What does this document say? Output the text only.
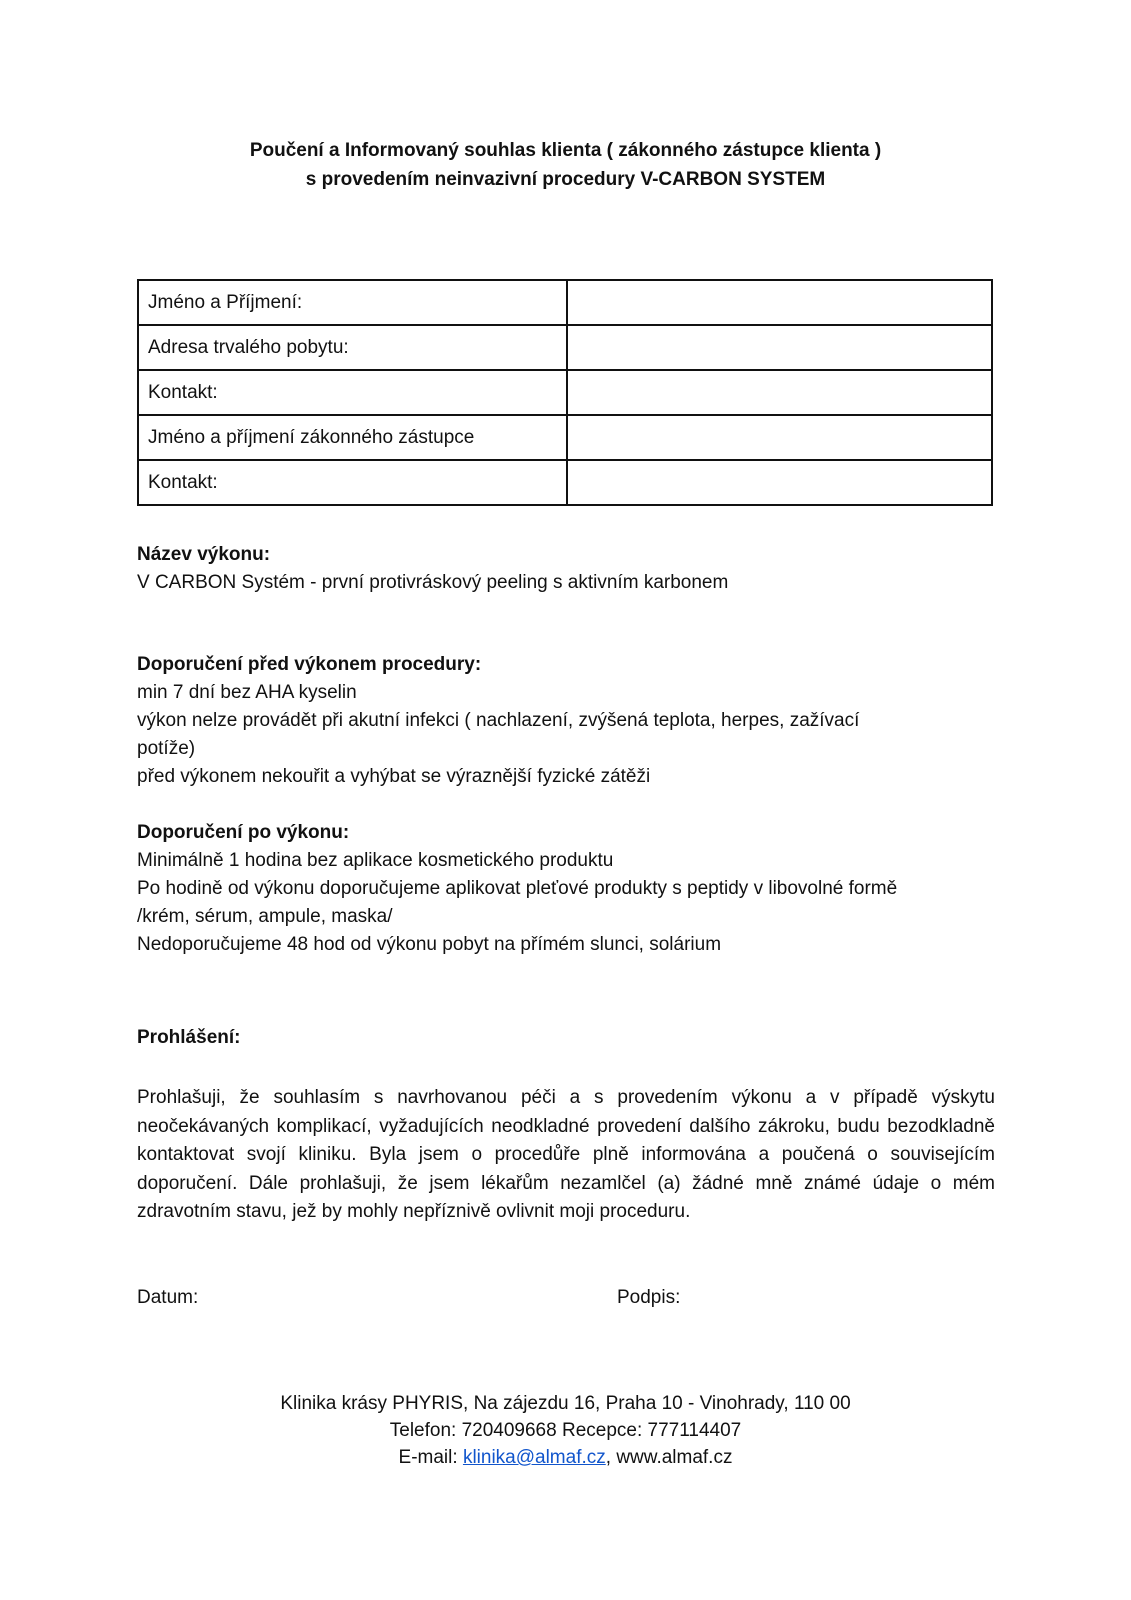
Poučení a Informovaný souhlas klienta ( zákonného zástupce klienta )
s provedením neinvazivní procedury V-CARBON SYSTEM
Jméno a Příjmení:	
Adresa trvalého pobytu:	
Kontakt:	
Jméno a příjmení zákonného zástupce	
Kontakt:	
Název výkonu:
V CARBON Systém - první protivráskový peeling s aktivním karbonem
Doporučení před výkonem procedury:
min 7 dní bez AHA kyselin
výkon nelze provádět při akutní infekci ( nachlazení, zvýšená teplota, herpes, zažívací
potíže)
před výkonem nekouřit a vyhýbat se výraznější fyzické zátěži
Doporučení po výkonu:
Minimálně 1 hodina bez aplikace kosmetického produktu
Po hodině od výkonu doporučujeme aplikovat pleťové produkty s peptidy v libovolné formě
/krém, sérum, ampule, maska/
Nedoporučujeme 48 hod od výkonu pobyt na přímém slunci, solárium
Prohlášení:
Prohlašuji, že souhlasím s navrhovanou péči a s provedením výkonu a v případě výskytu neočekávaných komplikací, vyžadujících neodkladné provedení dalšího zákroku, budu bezodkladně kontaktovat svojí kliniku. Byla jsem o procedůře plně informována a poučená o souvisejícím doporučení. Dále prohlašuji, že jsem lékařům nezamlčel (a) žádné mně známé údaje o mém zdravotním stavu, jež by mohly nepříznivě ovlivnit moji proceduru.
Datum:	Podpis:
Klinika krásy PHYRIS, Na zájezdu 16, Praha 10 - Vinohrady, 110 00
Telefon: 720409668 Recepce: 777114407
E-mail: klinika@almaf.cz, www.almaf.cz
